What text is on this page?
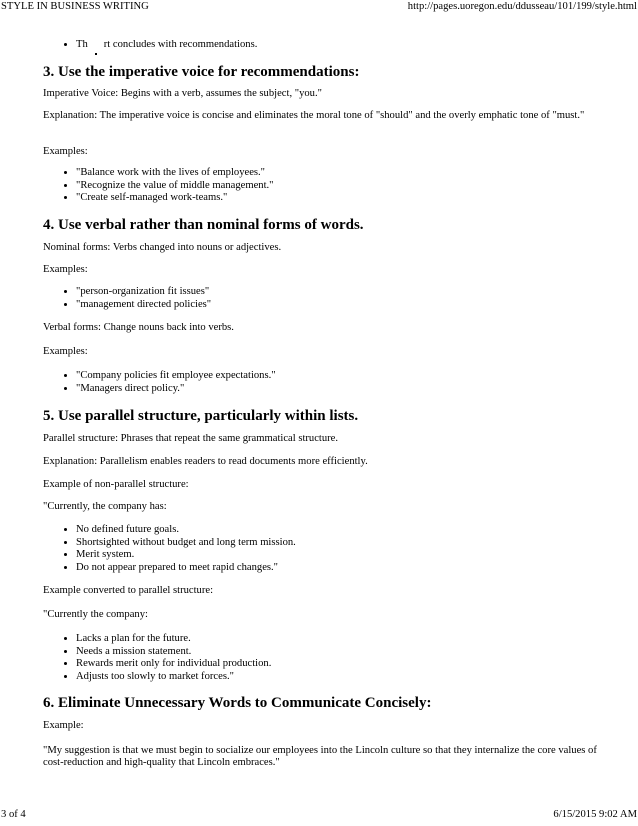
STYLE IN BUSINESS WRITING	http://pages.uoregon.edu/ddusseau/101/199/style.html
• Th rt concludes with recommendations.
3. Use the imperative voice for recommendations:

Imperative Voice: Begins with a verb, assumes the subject, "you."

Explanation: The imperative voice is concise and eliminates the moral tone of "should" and the overly emphatic tone of "must."

Examples:

• "Balance work with the lives of employees."
• "Recognize the value of middle management."
• "Create self-managed work-teams."
4. Use verbal rather than nominal forms of words.

Nominal forms: Verbs changed into nouns or adjectives.

Examples:

• "person-organization fit issues"
• "management directed policies"

Verbal forms: Change nouns back into verbs.

Examples:

• "Company policies fit employee expectations."
• "Managers direct policy."
5. Use parallel structure, particularly within lists.

Parallel structure: Phrases that repeat the same grammatical structure.

Explanation: Parallelism enables readers to read documents more efficiently.

Example of non-parallel structure:

"Currently, the company has:

• No defined future goals.
• Shortsighted without budget and long term mission.
• Merit system.
• Do not appear prepared to meet rapid changes."

Example converted to parallel structure:

"Currently the company:

• Lacks a plan for the future.
• Needs a mission statement.
• Rewards merit only for individual production.
• Adjusts too slowly to market forces."
6. Eliminate Unnecessary Words to Communicate Concisely:

Example:

"My suggestion is that we must begin to socialize our employees into the Lincoln culture so that they internalize the core values of cost-reduction and high-quality that Lincoln embraces."

3 of 4	6/15/2015 9:02 AM
